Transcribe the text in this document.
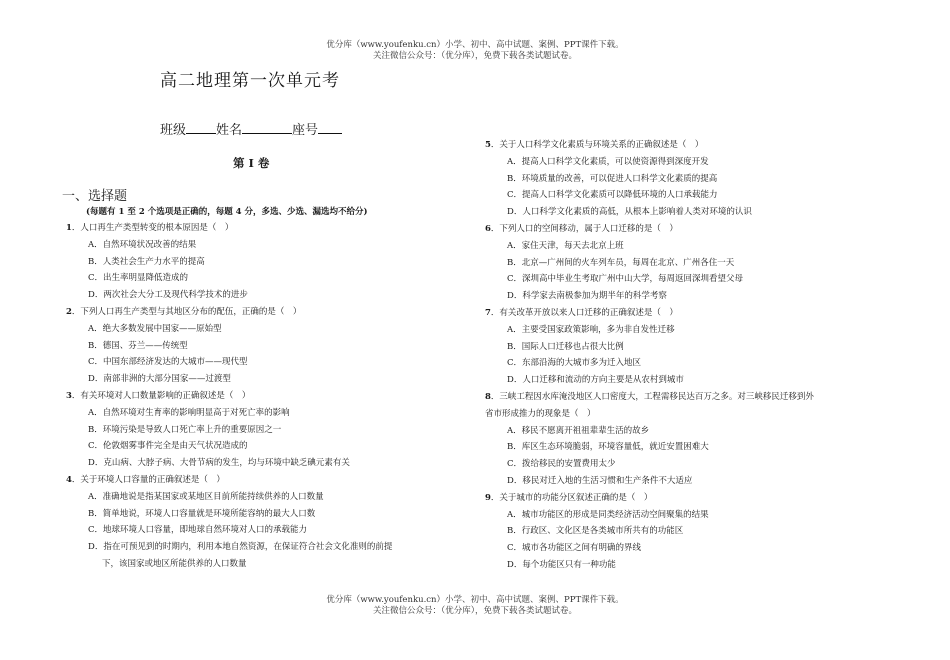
优分库（www.youfenku.cn）小学、初中、高中试题、案例、PPT课件下载。
关注微信公众号：（优分库），免费下载各类试题试卷。
高二地理第一次单元考
班级 姓名	座号
第 I 卷
一、选择题
(每题有 1 至 2 个选项是正确的，每题 4 分，多选、少选、漏选均不给分)
1．人口再生产类型转变的根本原因是（　）
A．自然环境状况改善的结果
B．人类社会生产力水平的提高
C．出生率明显降低造成的
D．两次社会大分工及现代科学技术的进步
2．下列人口再生产类型与其地区分布的配伍，正确的是（　）
A．绝大多数发展中国家——原始型
B．德国、芬兰——传统型
C．中国东部经济发达的大城市——现代型
D．南部非洲的大部分国家——过渡型
3．有关环境对人口数量影响的正确叙述是（　）
A．自然环境对生育率的影响明显高于对死亡率的影响
B．环境污染是导致人口死亡率上升的重要原因之一
C．伦敦烟雾事件完全是由天气状况造成的
D．克山病、大脖子病、大骨节病的发生，均与环境中缺乏碘元素有关
4．关于环境人口容量的正确叙述是（　）
A．准确地说是指某国家或某地区目前所能持续供养的人口数量
B．简单地说，环境人口容量就是环境所能容纳的最大人口数
C．地球环境人口容量，即地球自然环境对人口的承载能力
D．指在可预见到的时期内，利用本地自然资源，在保证符合社会文化准则的前提
下，该国家或地区所能供养的人口数量
5．关于人口科学文化素质与环境关系的正确叙述是（　）
A．提高人口科学文化素质，可以使资源得到深度开发
B．环境质量的改善，可以促进人口科学文化素质的提高
C．提高人口科学文化素质可以降低环境的人口承载能力
D．人口科学文化素质的高低，从根本上影响着人类对环境的认识
6．下列人口的空间移动，属于人口迁移的是（　）
A．家住天津，每天去北京上班
B．北京—广州间的火车列车员，每周在北京、广州各住一天
C．深圳高中毕业生考取广州中山大学，每周返回深圳看望父母
D．科学家去南极参加为期半年的科学考察
7．有关改革开放以来人口迁移的正确叙述是（　）
A．主要受国家政策影响，多为非自发性迁移
B．国际人口迁移也占很大比例
C．东部沿海的大城市多为迁入地区
D．人口迁移和流动的方向主要是从农村到城市
8．三峡工程因水库淹没地区人口密度大，工程需移民达百万之多。对三峡移民迁移到外
省市形成推力的现象是（　）
A．移民不愿离开祖祖辈辈生活的故乡
B．库区生态环境脆弱，环境容量低，就近安置困难大
C．拨给移民的安置费用太少
D．移民对迁入地的生活习惯和生产条件不大适应
9．关于城市的功能分区叙述正确的是（　）
A．城市功能区的形成是同类经济活动空间聚集的结果
B．行政区、文化区是各类城市所共有的功能区
C．城市各功能区之间有明确的界线
D．每个功能区只有一种功能
优分库（www.youfenku.cn）小学、初中、高中试题、案例、PPT课件下载。
关注微信公众号：（优分库），免费下载各类试题试卷。
